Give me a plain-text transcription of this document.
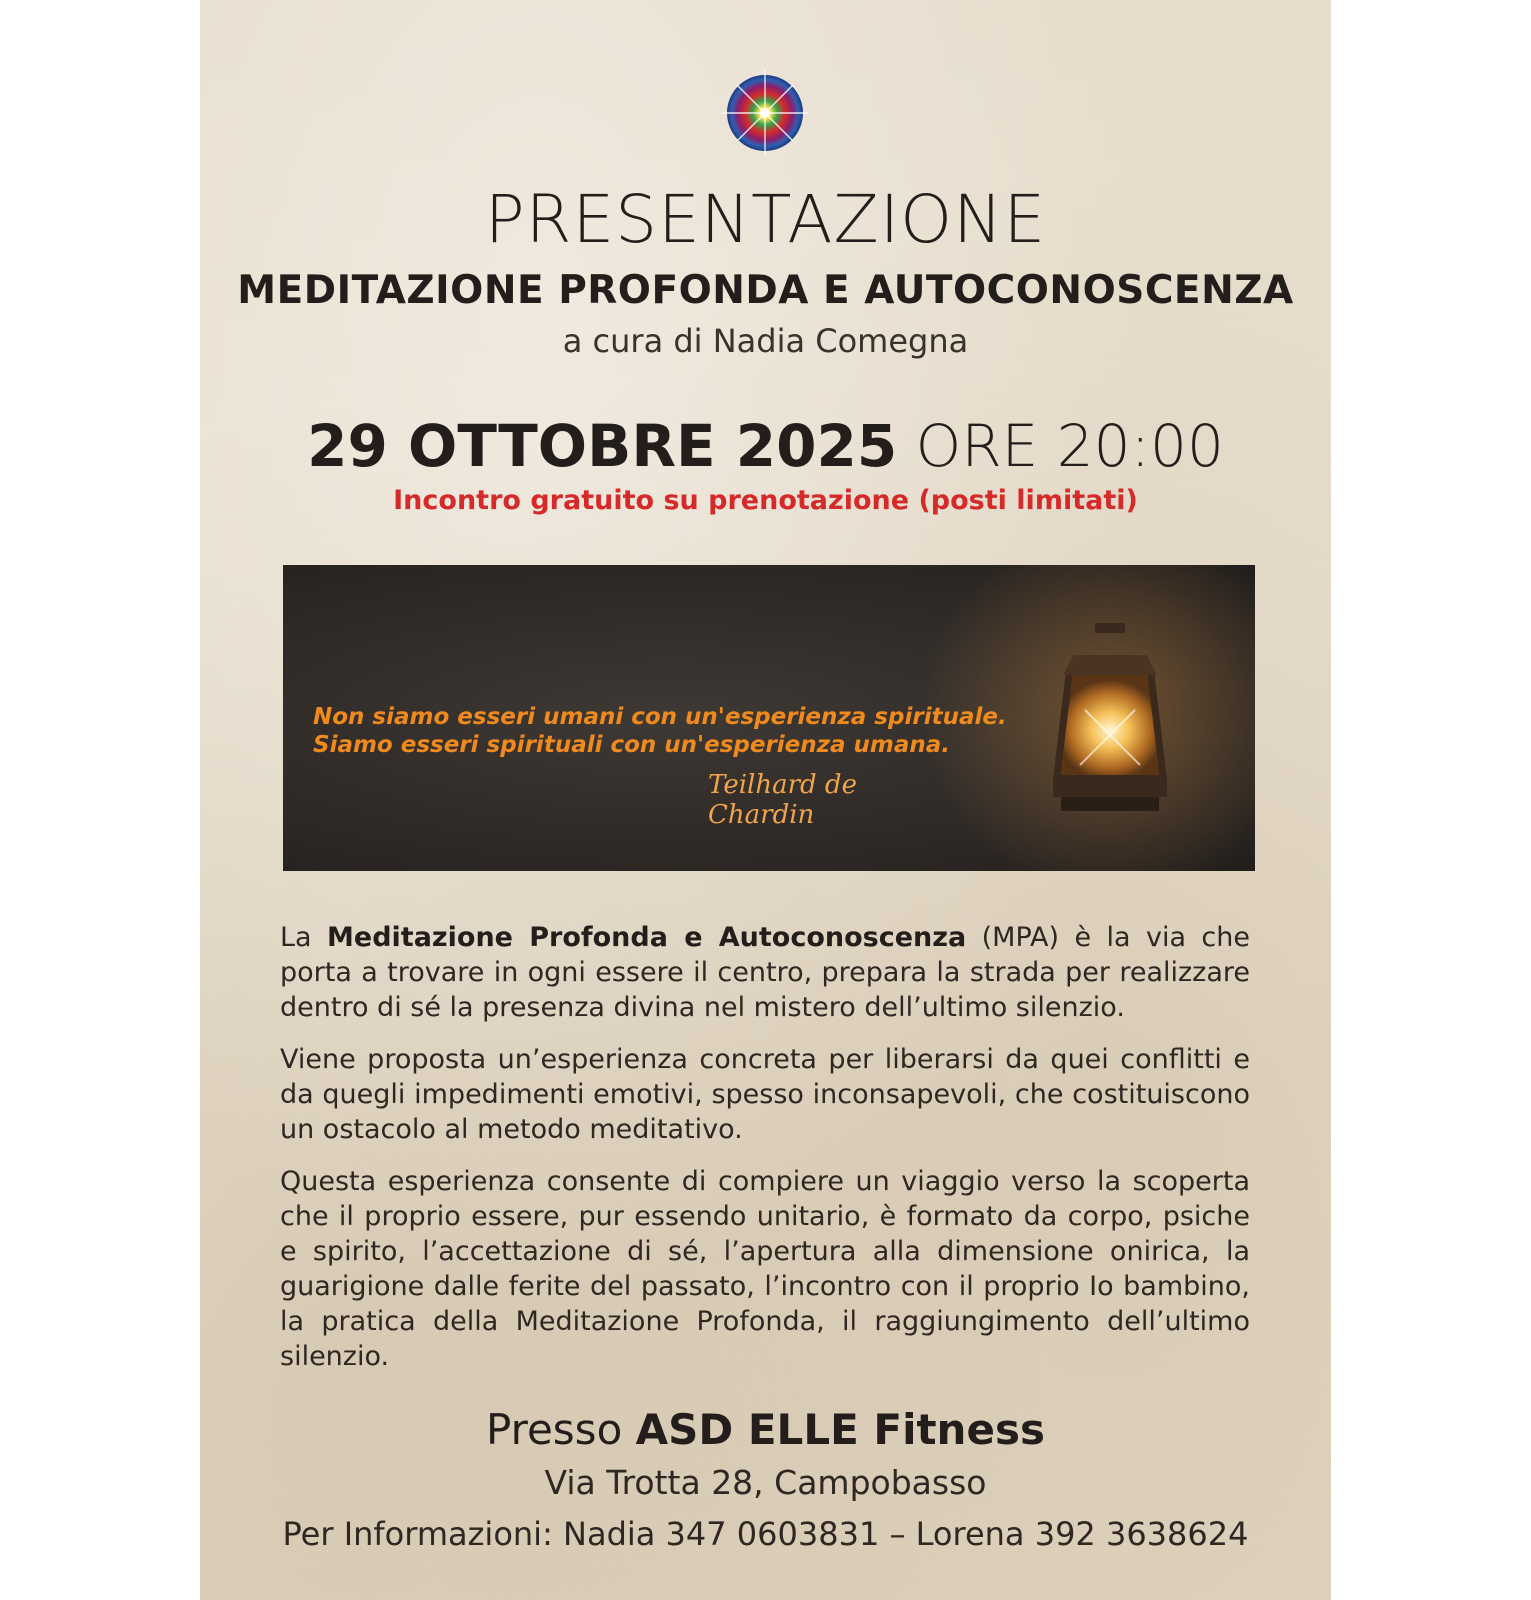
PRESENTAZIONE
MEDITAZIONE PROFONDA E AUTOCONOSCENZA
a cura di Nadia Comegna
29 OTTOBRE 2025 ORE 20:00
Incontro gratuito su prenotazione (posti limitati)
Non siamo esseri umani con un'esperienza spirituale.
Siamo esseri spirituali con un'esperienza umana.
Teilhard de Chardin
La Meditazione Profonda e Autoconoscenza (MPA) è la via che porta a trovare in ogni essere il centro, prepara la strada per realizzare dentro di sé la presenza divina nel mistero dell’ultimo silenzio.
Viene proposta un’esperienza concreta per liberarsi da quei conflitti e da quegli impedimenti emotivi, spesso inconsapevoli, che costituiscono un ostacolo al metodo meditativo.
Questa esperienza consente di compiere un viaggio verso la scoperta che il proprio essere, pur essendo unitario, è formato da corpo, psiche e spirito, l’accettazione di sé, l’apertura alla dimensione onirica, la guarigione dalle ferite del passato, l’incontro con il proprio Io bambino, la pratica della Meditazione Profonda, il raggiungimento dell’ultimo silenzio.
Presso ASD ELLE Fitness
Via Trotta 28, Campobasso
Per Informazioni: Nadia 347 0603831 – Lorena 392 3638624
